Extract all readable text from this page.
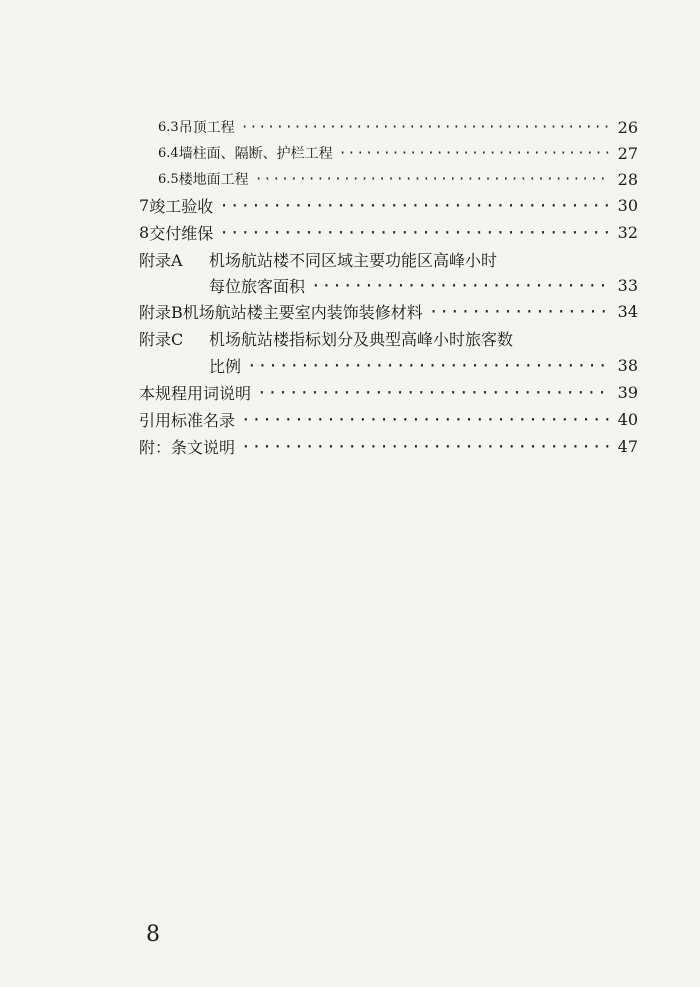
6.3 吊顶工程 ·····	26
6.4 墙柱面、隔断、护栏工程 ·····	27
6.5 楼地面工程 ·····	28
7 竣工验收 ·····	30
8 交付维保 ·····	32
附录A	机场航站楼不同区域主要功能区高峰小时
每位旅客面积 ·····	33
附录B 机场航站楼主要室内装饰装修材料 ·····	34
附录C	机场航站楼指标划分及典型高峰小时旅客数
比例 ·····	38
本规程用词说明 ·····	39
引用标准名录 ·····	40
附：条文说明 ·····	47
8
